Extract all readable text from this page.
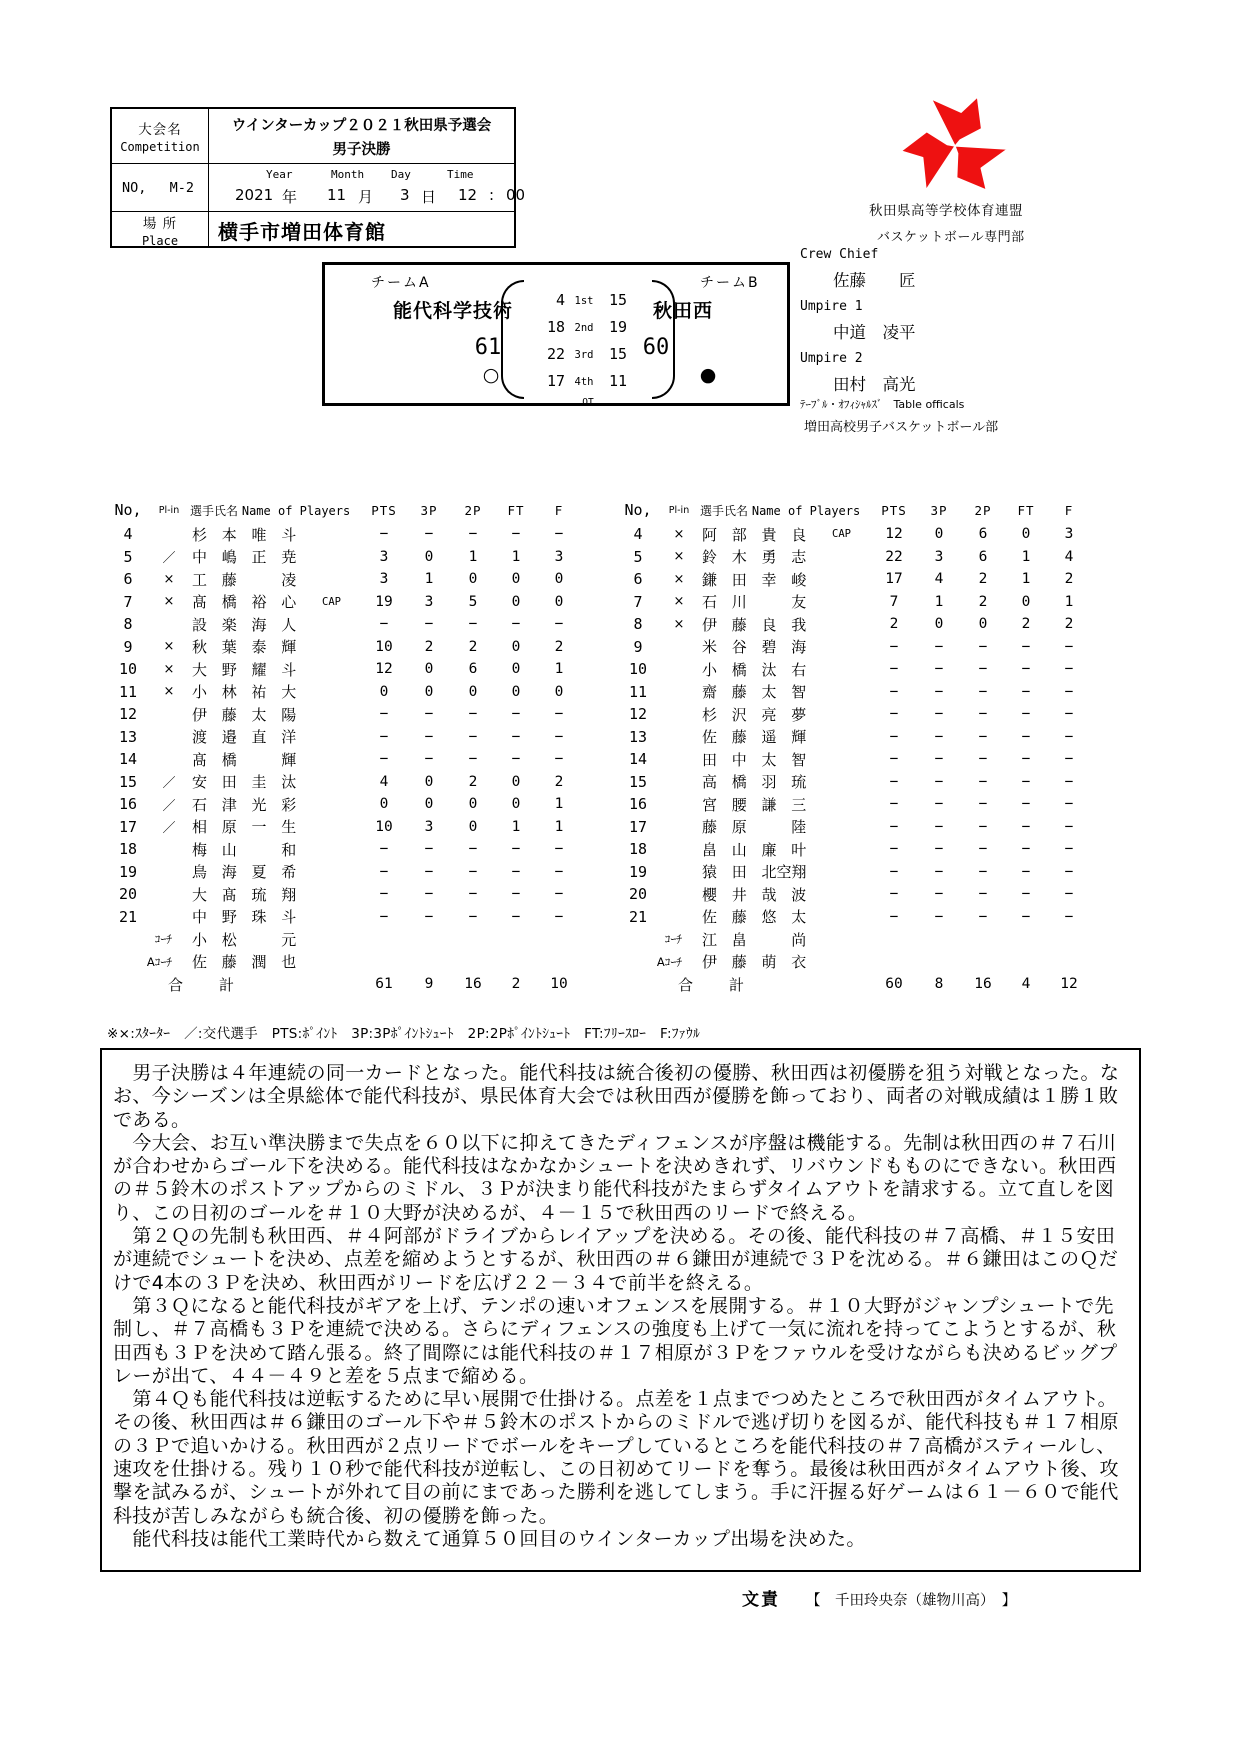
大会名
Competition
ウインターカップ２０２１秋田県予選会
男子決勝
NO, M-2
Year	Month Day	Time
2021 年 11 月 3 日 12 : 00
場 所
Place 横手市増田体育館
秋田県高等学校体育連盟
バスケットボール専門部
チームA	チームB
能代科学技術	秋田西
61	60
○	●
4 1st	15
18 2nd	19
22 3rd	15
17 4th	11
OT
Crew Chief
佐藤　　匠
Umpire 1
中道　凌平
Umpire 2
田村　高光
ﾃｰﾌﾞﾙ・ｵﾌｨｼｬﾙｽﾞ　Table officals
増田高校男子バスケットボール部
No,	Pl-in 選手氏名 Name of Players	PTS	3P	2P	FT	F
4	杉 本 唯 斗	−	−	−	−	−
5	／	中 嶋 正 尭	3	0	1	1	3
6	×	工 藤 　 凌	3	1	0	0	0
7	×	髙 橋 裕 心	CAP	19	3	5	0	0
8	設 楽 海 人	−	−	−	−	−
9	×	秋 葉 泰 輝	10	2	2	0	2
10	×	大 野 耀 斗	12	0	6	0	1
11	×	小 林 祐 大	0	0	0	0	0
12	伊 藤 太 陽	−	−	−	−	−
13	渡 邉 直 洋	−	−	−	−	−
14	髙 橋 　 輝	−	−	−	−	−
15	／	安 田 圭 汰	4	0	2	0	2
16	／	石 津 光 彩	0	0	0	0	1
17	／	相 原 一 生	10	3	0	1	1
18	梅 山 　 和	−	−	−	−	−
19	鳥 海 夏 希	−	−	−	−	−
20	大 髙 琉 翔	−	−	−	−	−
21	中 野 珠 斗	−	−	−	−	−
ｺｰﾁ	小 松 　 元
Aｺｰﾁ	佐 藤 潤 也
合　　計	61	9	16	2	10
No,	Pl-in 選手氏名 Name of Players	PTS	3P	2P	FT	F
4	×	阿 部 貴 良	CAP	12	0	6	0	3
5	×	鈴 木 勇 志	22	3	6	1	4
6	×	鎌 田 幸 峻	17	4	2	1	2
7	×	石 川 　 友	7	1	2	0	1
8	×	伊 藤 良 我	2	0	0	2	2
9	米 谷 碧 海	−	−	−	−	−
10	小 橋 汰 右	−	−	−	−	−
11	齋 藤 太 智	−	−	−	−	−
12	杉 沢 亮 夢	−	−	−	−	−
13	佐 藤 遥 輝	−	−	−	−	−
14	田 中 太 智	−	−	−	−	−
15	高 橋 羽 琉	−	−	−	−	−
16	宮 腰 謙 三	−	−	−	−	−
17	藤 原 　 陸	−	−	−	−	−
18	畠 山 廉 叶	−	−	−	−	−
19	猿 田 北空翔	−	−	−	−	−
20	櫻 井 哉 波	−	−	−	−	−
21	佐 藤 悠 太	−	−	−	−	−
ｺｰﾁ	江 畠 　 尚
Aｺｰﾁ	伊 藤 萌 衣
合　　計	60	8	16	4	12
※×:ｽﾀｰﾀｰ　／:交代選手　PTS:ﾎﾟｲﾝﾄ　3P:3Pﾎﾟｲﾝﾄｼｭｰﾄ　2P:2Pﾎﾟｲﾝﾄｼｭｰﾄ　FT:ﾌﾘｰｽﾛｰ　F:ﾌｧｳﾙ

　男子決勝は４年連続の同一カードとなった。能代科技は統合後初の優勝、秋田西は初優勝を狙う対戦となった。なお、今シーズンは全県総体で能代科技が、県民体育大会では秋田西が優勝を飾っており、両者の対戦成績は１勝１敗である。

　今大会、お互い準決勝まで失点を６０以下に抑えてきたディフェンスが序盤は機能する。先制は秋田西の＃７石川が合わせからゴール下を決める。能代科技はなかなかシュートを決めきれず、リバウンドもものにできない。秋田西の＃５鈴木のポストアップからのミドル、３Ｐが決まり能代科技がたまらずタイムアウトを請求する。立て直しを図り、この日初のゴールを＃１０大野が決めるが、４－１５で秋田西のリードで終える。

　第２Ｑの先制も秋田西、＃４阿部がドライブからレイアップを決める。その後、能代科技の＃７高橋、＃１５安田が連続でシュートを決め、点差を縮めようとするが、秋田西の＃６鎌田が連続で３Ｐを沈める。＃６鎌田はこのＱだけで4本の３Ｐを決め、秋田西がリードを広げ２２－３４で前半を終える。

　第３Ｑになると能代科技がギアを上げ、テンポの速いオフェンスを展開する。＃１０大野がジャンプシュートで先制し、＃７高橋も３Ｐを連続で決める。さらにディフェンスの強度も上げて一気に流れを持ってこようとするが、秋田西も３Ｐを決めて踏ん張る。終了間際には能代科技の＃１７相原が３Ｐをファウルを受けながらも決めるビッグプレーが出て、４４－４９と差を５点まで縮める。

　第４Ｑも能代科技は逆転するために早い展開で仕掛ける。点差を１点までつめたところで秋田西がタイムアウト。その後、秋田西は＃６鎌田のゴール下や＃５鈴木のポストからのミドルで逃げ切りを図るが、能代科技も＃１７相原の３Ｐで追いかける。秋田西が２点リードでボールをキープしているところを能代科技の＃７高橋がスティールし、速攻を仕掛ける。残り１０秒で能代科技が逆転し、この日初めてリードを奪う。最後は秋田西がタイムアウト後、攻撃を試みるが、シュートが外れて目の前にまであった勝利を逃してしまう。手に汗握る好ゲームは６１－６０で能代科技が苦しみながらも統合後、初の優勝を飾った。

　能代科技は能代工業時代から数えて通算５０回目のウインターカップ出場を決めた。

文責 【　千田玲央奈（雄物川高）　】
